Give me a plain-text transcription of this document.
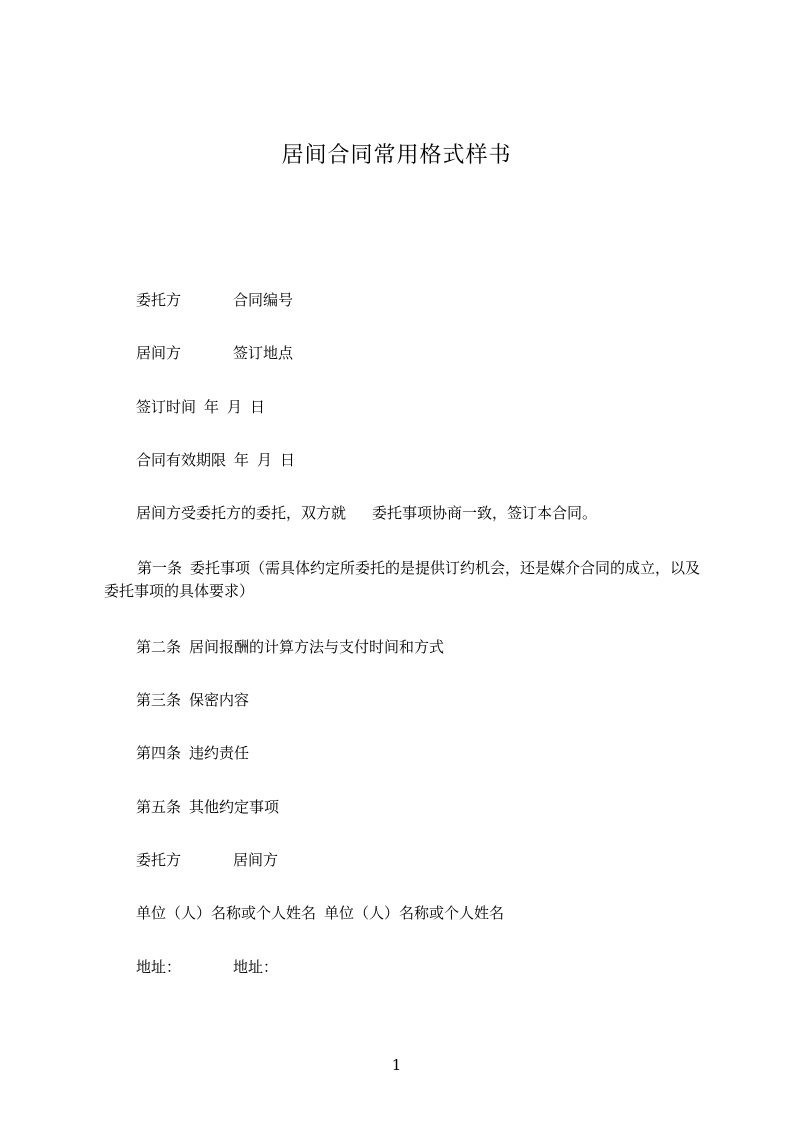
居间合同常用格式样书
委托方	合同编号
居间方	签订地点
签订时间 年 月 日
合同有效期限 年 月 日
居间方受委托方的委托，双方就 委托事项协商一致，签订本合同。
第一条 委托事项（需具体约定所委托的是提供订约机会，还是媒介合同的成立，以及委托事项的具体要求）
第二条 居间报酬的计算方法与支付时间和方式
第三条 保密内容
第四条 违约责任
第五条 其他约定事项
委托方	居间方
单位（人）名称或个人姓名 单位（人）名称或个人姓名
地址：	地址：
1
